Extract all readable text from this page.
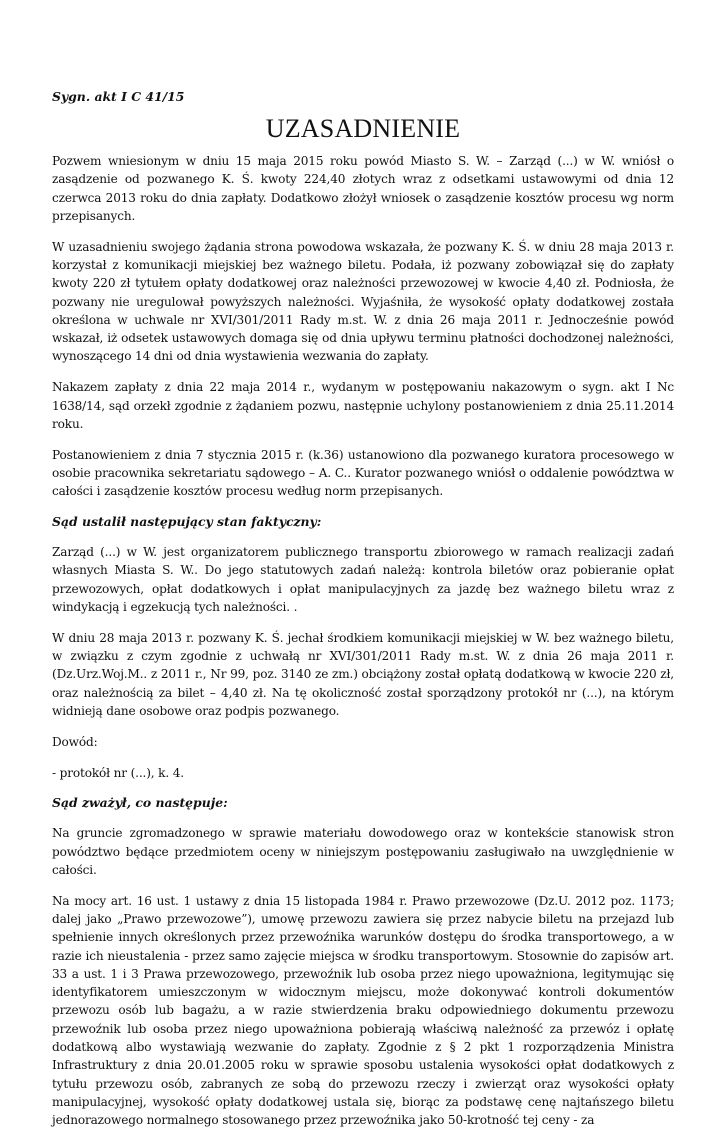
Sygn. akt I C 41/15
UZASADNIENIE

Pozwem wniesionym w dniu 15 maja 2015 roku powód Miasto S. W. – Zarząd (...) w W. wniósł o zasądzenie od pozwanego K. Ś. kwoty 224,40 złotych wraz z odsetkami ustawowymi od dnia 12 czerwca 2013 roku do dnia zapłaty. Dodatkowo złożył wniosek o zasądzenie kosztów procesu wg norm przepisanych.

W uzasadnieniu swojego żądania strona powodowa wskazała, że pozwany K. Ś. w dniu 28 maja 2013 r. korzystał z komunikacji miejskiej bez ważnego biletu. Podała, iż pozwany zobowiązał się do zapłaty kwoty 220 zł tytułem opłaty dodatkowej oraz należności przewozowej w kwocie 4,40 zł. Podniosła, że pozwany nie uregulował powyższych należności. Wyjaśniła, że wysokość opłaty dodatkowej została określona w uchwale nr XVI/301/2011 Rady m.st. W. z dnia 26 maja 2011 r. Jednocześnie powód wskazał, iż odsetek ustawowych domaga się od dnia upływu terminu płatności dochodzonej należności, wynoszącego 14 dni od dnia wystawienia wezwania do zapłaty.

Nakazem zapłaty z dnia 22 maja 2014 r., wydanym w postępowaniu nakazowym o sygn. akt I Nc 1638/14, sąd orzekł zgodnie z żądaniem pozwu, następnie uchylony postanowieniem z dnia 25.11.2014 roku.

Postanowieniem z dnia 7 stycznia 2015 r. (k.36) ustanowiono dla pozwanego kuratora procesowego w osobie pracownika sekretariatu sądowego – A. C.. Kurator pozwanego wniósł o oddalenie powództwa w całości i zasądzenie kosztów procesu według norm przepisanych.

Sąd ustalił następujący stan faktyczny:

Zarząd (...) w W. jest organizatorem publicznego transportu zbiorowego w ramach realizacji zadań własnych Miasta S. W.. Do jego statutowych zadań należą: kontrola biletów oraz pobieranie opłat przewozowych, opłat dodatkowych i opłat manipulacyjnych za jazdę bez ważnego biletu wraz z windykacją i egzekucją tych należności. .

W dniu 28 maja 2013 r. pozwany K. Ś. jechał środkiem komunikacji miejskiej w W. bez ważnego biletu, w związku z czym zgodnie z uchwałą nr XVI/301/2011 Rady m.st. W. z dnia 26 maja 2011 r. (Dz.Urz.Woj.M.. z 2011 r., Nr 99, poz. 3140 ze zm.) obciążony został opłatą dodatkową w kwocie 220 zł, oraz należnością za bilet – 4,40 zł. Na tę okoliczność został sporządzony protokół nr (...), na którym widnieją dane osobowe oraz podpis pozwanego.

Dowód:

- protokół nr (...), k. 4.

Sąd zważył, co następuje:

Na gruncie zgromadzonego w sprawie materiału dowodowego oraz w kontekście stanowisk stron powództwo będące przedmiotem oceny w niniejszym postępowaniu zasługiwało na uwzględnienie w całości.

Na mocy art. 16 ust. 1 ustawy z dnia 15 listopada 1984 r. Prawo przewozowe (Dz.U. 2012 poz. 1173; dalej jako „Prawo przewozowe”), umowę przewozu zawiera się przez nabycie biletu na przejazd lub spełnienie innych określonych przez przewoźnika warunków dostępu do środka transportowego, a w razie ich nieustalenia - przez samo zajęcie miejsca w środku transportowym. Stosownie do zapisów art. 33 a ust. 1 i 3 Prawa przewozowego, przewoźnik lub osoba przez niego upoważniona, legitymując się identyfikatorem umieszczonym w widocznym miejscu, może dokonywać kontroli dokumentów przewozu osób lub bagażu, a w razie stwierdzenia braku odpowiedniego dokumentu przewozu przewoźnik lub osoba przez niego upoważniona pobierają właściwą należność za przewóz i opłatę dodatkową albo wystawiają wezwanie do zapłaty. Zgodnie z § 2 pkt 1 rozporządzenia Ministra Infrastruktury z dnia 20.01.2005 roku w sprawie sposobu ustalenia wysokości opłat dodatkowych z tytułu przewozu osób, zabranych ze sobą do przewozu rzeczy i zwierząt oraz wysokości opłaty manipulacyjnej, wysokość opłaty dodatkowej ustala się, biorąc za podstawę cenę najtańszego biletu jednorazowego normalnego stosowanego przez przewoźnika jako 50-krotność tej ceny - za
